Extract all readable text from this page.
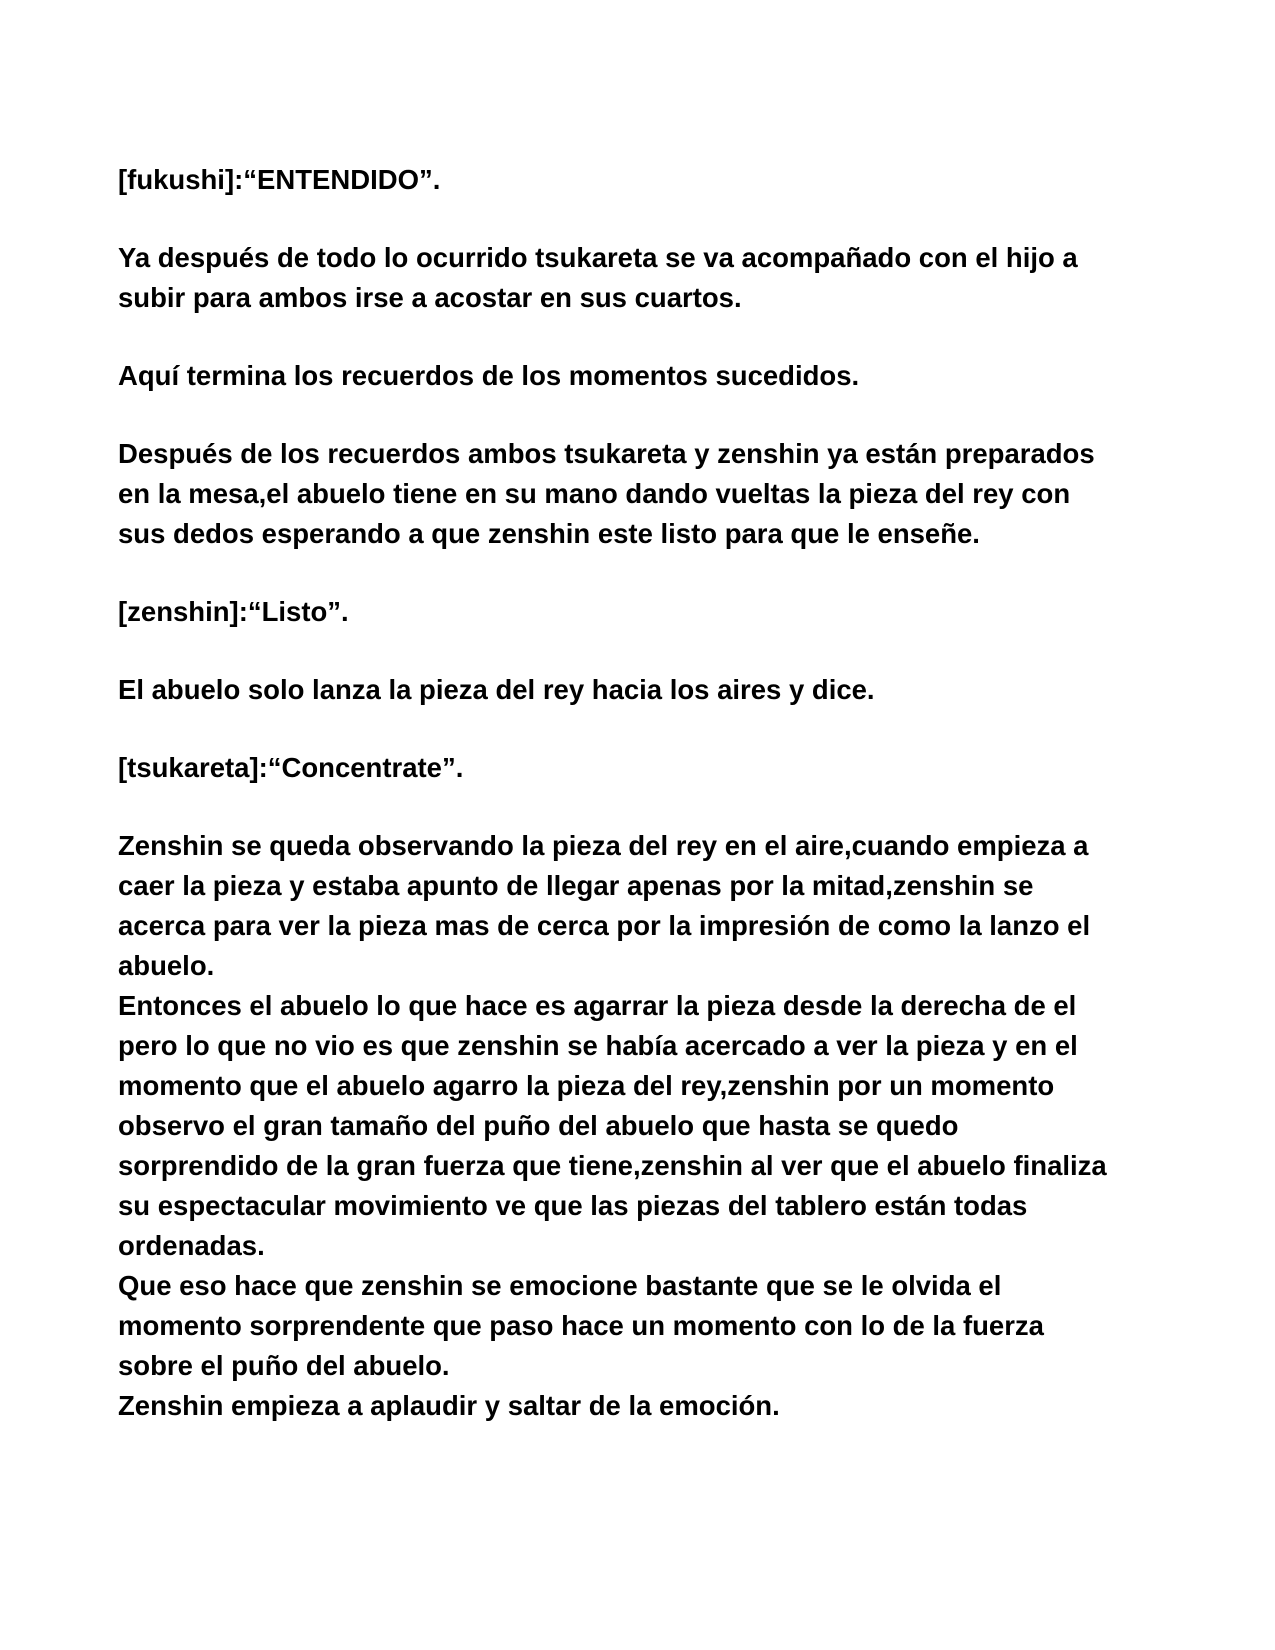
[fukushi]:“ENTENDIDO”.

Ya después de todo lo ocurrido tsukareta se va acompañado con el hijo a subir para ambos irse a acostar en sus cuartos.

Aquí termina los recuerdos de los momentos sucedidos.

Después de los recuerdos ambos tsukareta y zenshin ya están preparados en la mesa,el abuelo tiene en su mano dando vueltas la pieza del rey con sus dedos esperando a que zenshin este listo para que le enseñe.

[zenshin]:“Listo”.

El abuelo solo lanza la pieza del rey hacia los aires y dice.

[tsukareta]:“Concentrate”.

Zenshin se queda observando la pieza del rey en el aire,cuando empieza a caer la pieza y estaba apunto de llegar apenas por la mitad,zenshin se acerca para ver la pieza mas de cerca por la impresión de como la lanzo el abuelo.

Entonces el abuelo lo que hace es agarrar la pieza desde la derecha de el pero lo que no vio es que zenshin se había acercado a ver la pieza y en el momento que el abuelo agarro la pieza del rey,zenshin por un momento observo el gran tamaño del puño del abuelo que hasta se quedo sorprendido de la gran fuerza que tiene,zenshin al ver que el abuelo finaliza su espectacular movimiento ve que las piezas del tablero están todas ordenadas.

Que eso hace que zenshin se emocione bastante que se le olvida el momento sorprendente que paso hace un momento con lo de la fuerza sobre el puño del abuelo.

Zenshin empieza a aplaudir y saltar de la emoción.
